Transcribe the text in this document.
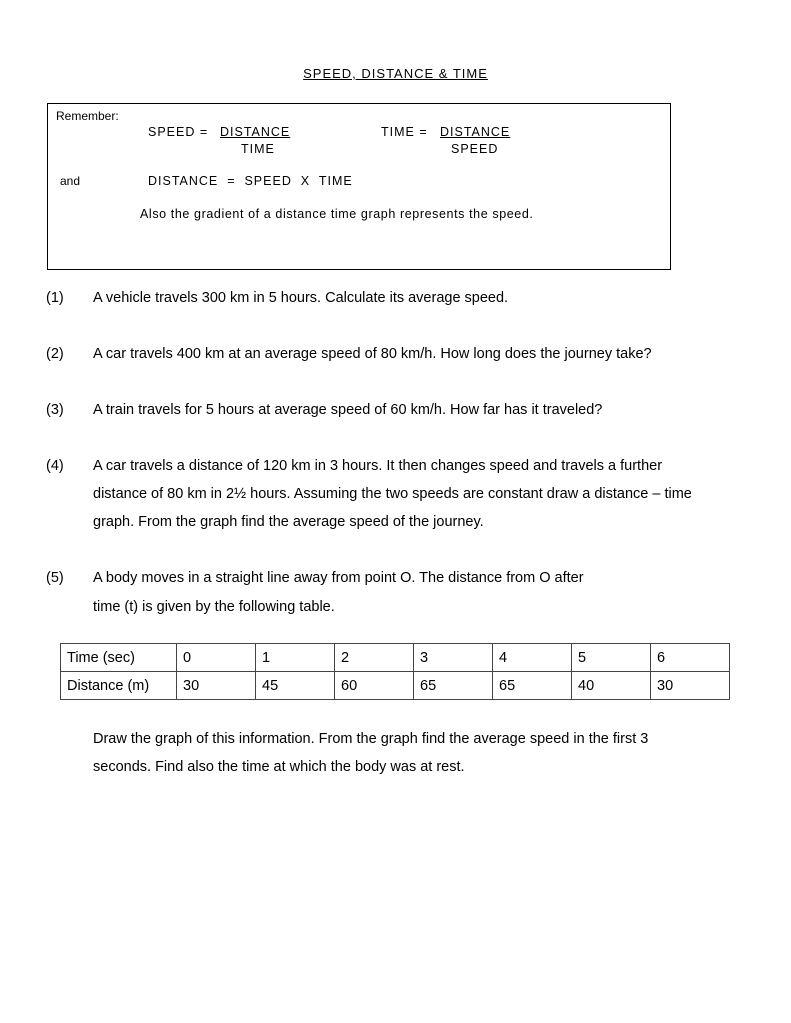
SPEED, DISTANCE & TIME
Remember:
SPEED = DISTANCE
TIME
TIME = DISTANCE
SPEED
and	DISTANCE  =  SPEED  X  TIME
Also the gradient of a distance time graph represents the speed.
(1) A vehicle travels 300 km in 5 hours. Calculate its average speed.
(2) A car travels 400 km at an average speed of 80 km/h. How long does the journey take?
(3) A train travels for 5 hours at average speed of 60 km/h. How far has it traveled?
(4) A car travels a distance of 120 km in 3 hours. It then changes speed and travels a further
distance of 80 km in 2½ hours. Assuming the two speeds are constant draw a distance – time
graph. From the graph find the average speed of the journey.
(5) A body moves in a straight line away from point O. The distance from O after
time (t) is given by the following table.
Time (sec)	0	1	2	3	4	5	6
Distance (m)	30	45	60	65	65	40	30
Draw the graph of this information. From the graph find the average speed in the first 3
seconds. Find also the time at which the body was at rest.
